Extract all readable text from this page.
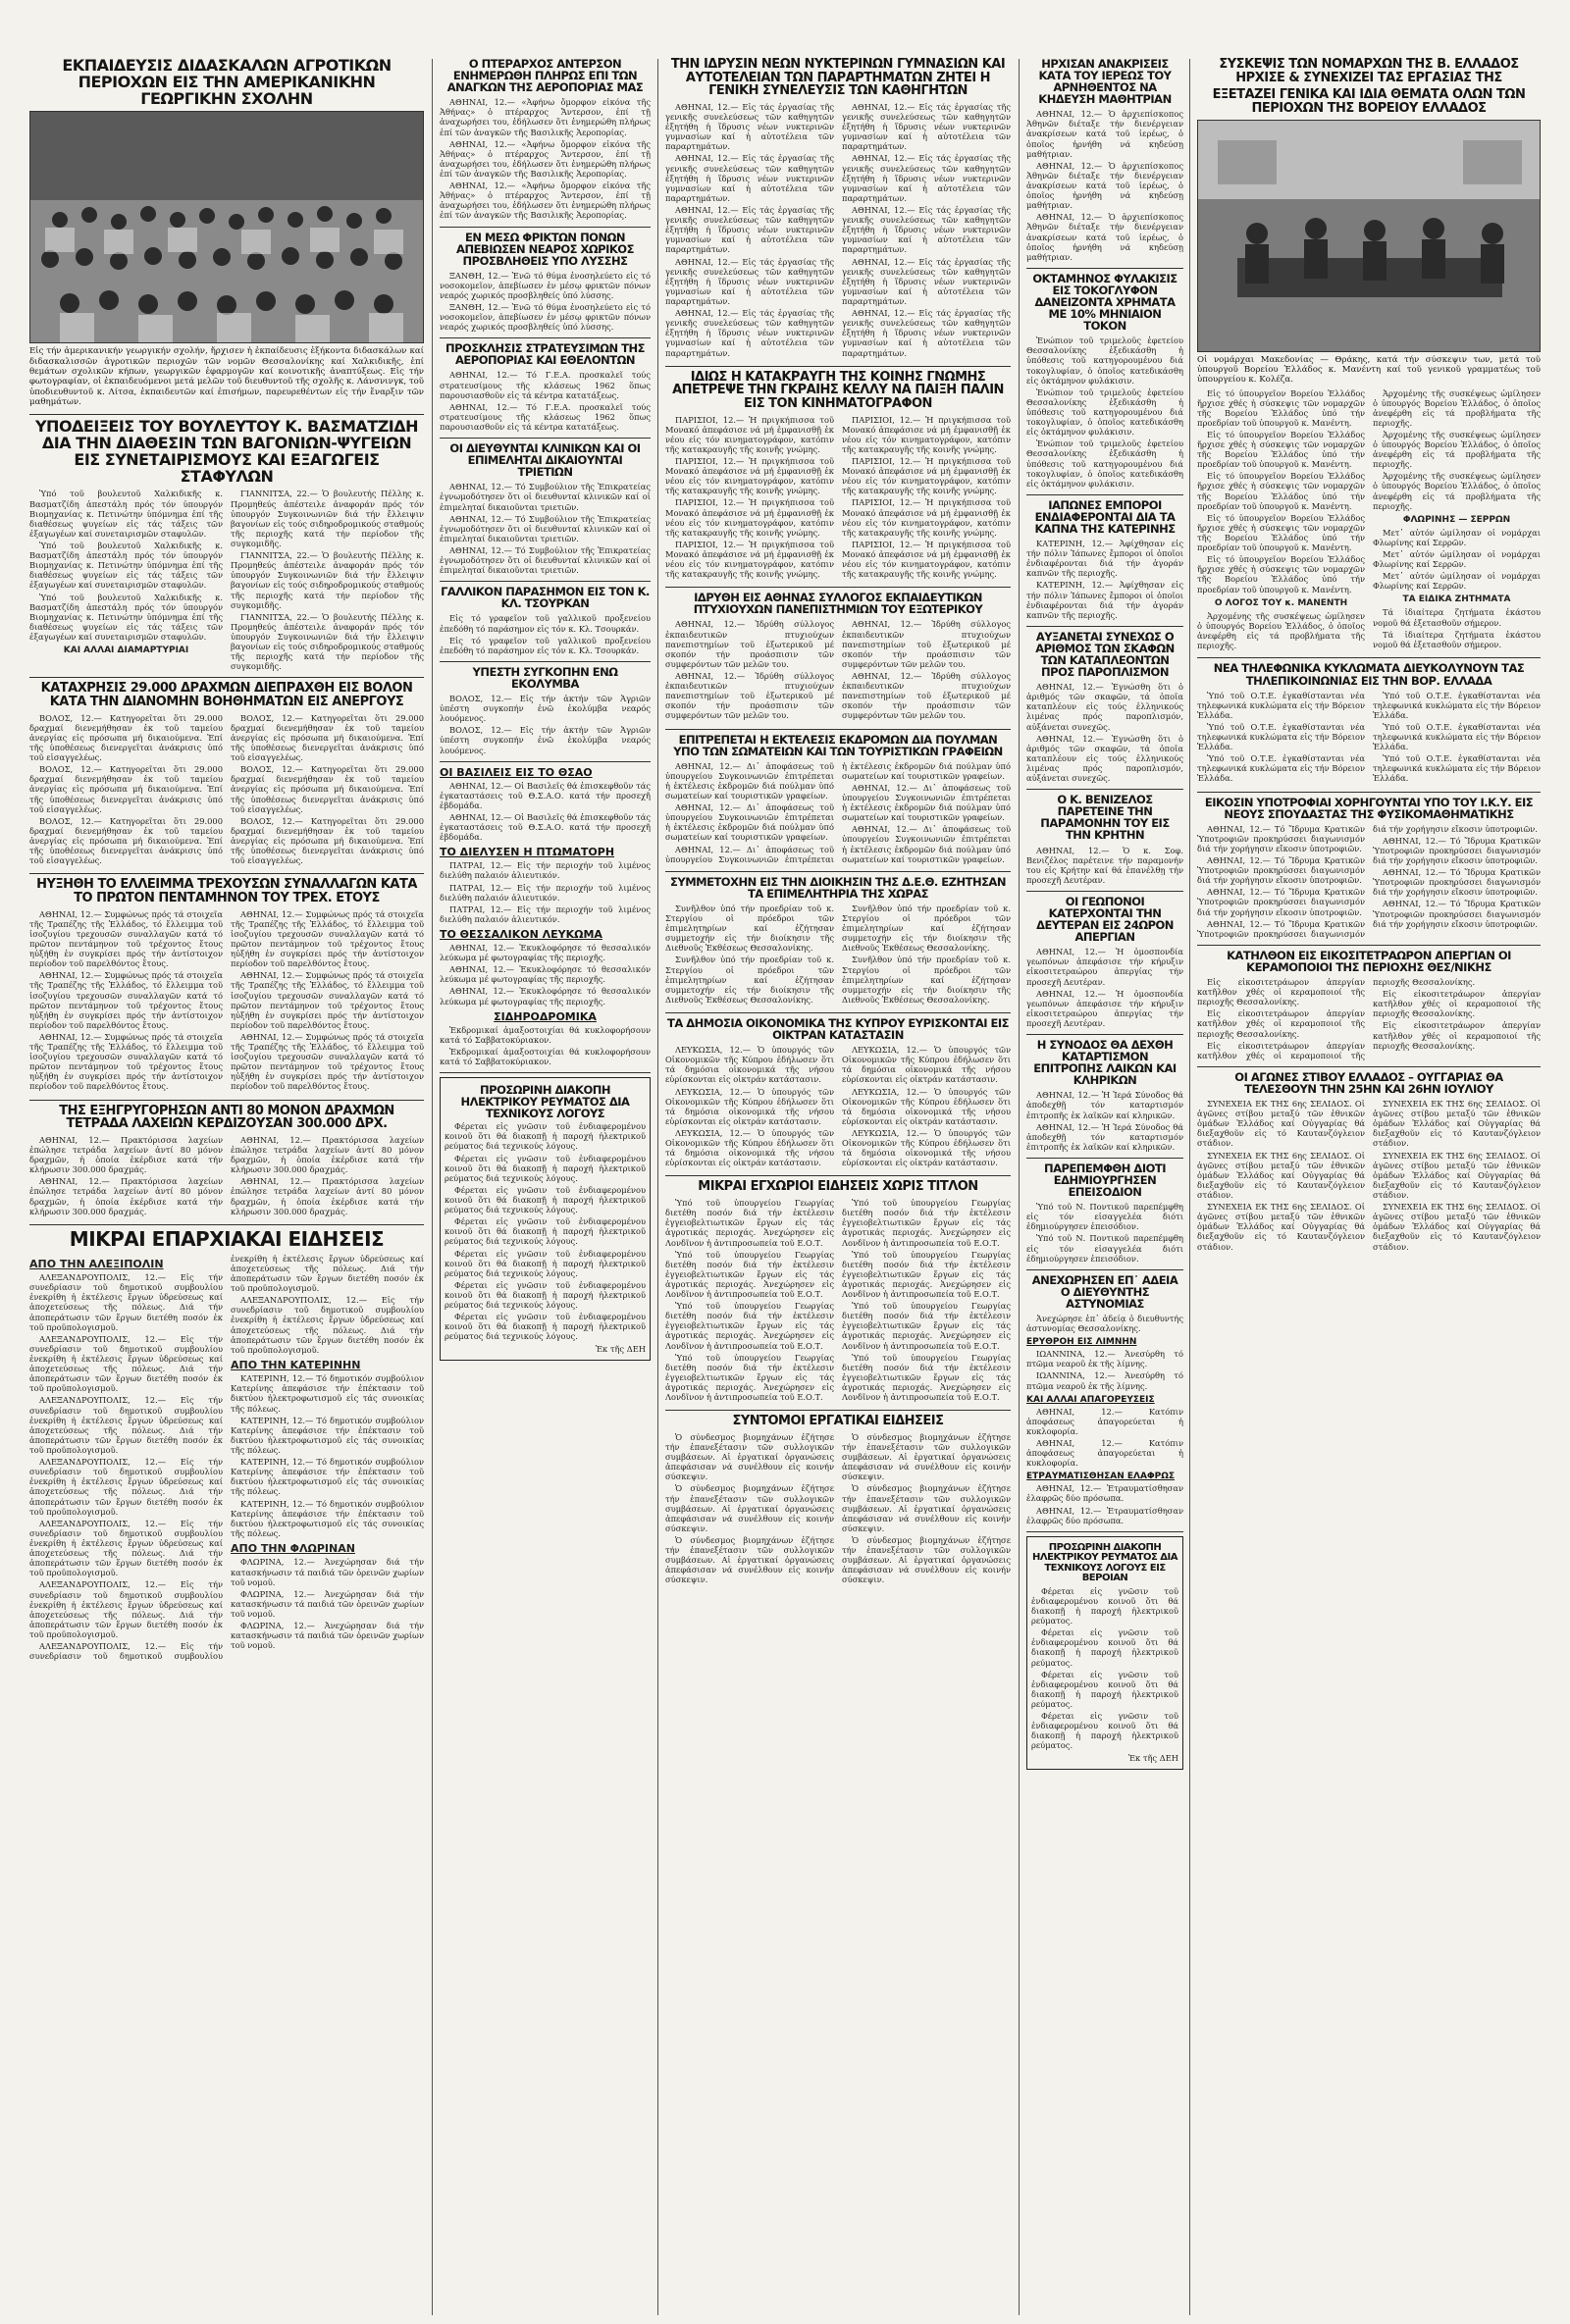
ΕΚΠΑΙΔΕΥΣΙΣ ΔΙΔΑΣΚΑΛΩΝ ΑΓΡΟΤΙΚΩΝ ΠΕΡΙΟΧΩΝ ΕΙΣ ΤΗΝ ΑΜΕΡΙΚΑΝΙΚΗΝ ΓΕΩΡΓΙΚΗΝ ΣΧΟΛΗΝ
Εἰς τήν ἀμερικανικήν γεωργικήν σχολήν, ἤρχισεν ἡ ἐκπαίδευσις ἑξήκοντα διδασκάλων καί διδασκαλισσῶν ἀγροτικῶν περιοχῶν τῶν νομῶν Θεσσαλονίκης καί Χαλκιδικῆς, ἐπί θεμάτων σχολικῶν κήπων, γεωργικῶν ἐφαρμογῶν καί κοινοτικῆς ἀναπτύξεως. Εἰς τήν φωτογραφίαν, οἱ ἐκπαιδευόμενοι μετά μελῶν τοῦ διευθυντοῦ τῆς σχολῆς κ. Λάνσνινγκ, τοῦ ὑποδιευθυντοῦ κ. Λίτσα, ἐκπαιδευτῶν καί ἐπισήμων, παρευρεθέντων εἰς τήν ἔναρξιν τῶν μαθημάτων.
ΥΠΟΔΕΙΞΕΙΣ ΤΟΥ ΒΟΥΛΕΥΤΟΥ Κ. ΒΑΣΜΑΤΖΙΔΗ ΔΙΑ ΤΗΝ ΔΙΑΘΕΣΙΝ ΤΩΝ ΒΑΓΟΝΙΩΝ-ΨΥΓΕΙΩΝ ΕΙΣ ΣΥΝΕΤΑΙΡΙΣΜΟΥΣ ΚΑΙ ΕΞΑΓΩΓΕΙΣ ΣΤΑΦΥΛΩΝ

Ὑπό τοῦ βουλευτοῦ Χαλκιδικῆς κ. Βασματζίδη ἀπεστάλη πρός τόν ὑπουργόν Βιομηχανίας κ. Πετινώτην ὑπόμνημα ἐπί τῆς διαθέσεως ψυγείων εἰς τάς τάξεις τῶν ἐξαγωγέων καί συνεταιρισμῶν σταφυλῶν.

Ὑπό τοῦ βουλευτοῦ Χαλκιδικῆς κ. Βασματζίδη ἀπεστάλη πρός τόν ὑπουργόν Βιομηχανίας κ. Πετινώτην ὑπόμνημα ἐπί τῆς διαθέσεως ψυγείων εἰς τάς τάξεις τῶν ἐξαγωγέων καί συνεταιρισμῶν σταφυλῶν.

Ὑπό τοῦ βουλευτοῦ Χαλκιδικῆς κ. Βασματζίδη ἀπεστάλη πρός τόν ὑπουργόν Βιομηχανίας κ. Πετινώτην ὑπόμνημα ἐπί τῆς διαθέσεως ψυγείων εἰς τάς τάξεις τῶν ἐξαγωγέων καί συνεταιρισμῶν σταφυλῶν.

ΚΑΙ ΑΛΛΑΙ ΔΙΑΜΑΡΤΥΡΙΑΙ

ΓΙΑΝΝΙΤΣΑ, 22.— Ὁ βουλευτής Πέλλης κ. Προμηθεύς ἀπέστειλε ἀναφοράν πρός τόν ὑπουργόν Συγκοινωνιῶν διά τήν ἔλλειψιν βαγονίων εἰς τούς σιδηροδρομικούς σταθμούς τῆς περιοχῆς κατά τήν περίοδον τῆς συγκομιδῆς.

ΓΙΑΝΝΙΤΣΑ, 22.— Ὁ βουλευτής Πέλλης κ. Προμηθεύς ἀπέστειλε ἀναφοράν πρός τόν ὑπουργόν Συγκοινωνιῶν διά τήν ἔλλειψιν βαγονίων εἰς τούς σιδηροδρομικούς σταθμούς τῆς περιοχῆς κατά τήν περίοδον τῆς συγκομιδῆς.

ΓΙΑΝΝΙΤΣΑ, 22.— Ὁ βουλευτής Πέλλης κ. Προμηθεύς ἀπέστειλε ἀναφοράν πρός τόν ὑπουργόν Συγκοινωνιῶν διά τήν ἔλλειψιν βαγονίων εἰς τούς σιδηροδρομικούς σταθμούς τῆς περιοχῆς κατά τήν περίοδον τῆς συγκομιδῆς.

ΚΑΤΑΧΡΗΣΙΣ 29.000 ΔΡΑΧΜΩΝ ΔΙΕΠΡΑΧΘΗ ΕΙΣ ΒΟΛΟΝ ΚΑΤΑ ΤΗΝ ΔΙΑΝΟΜΗΝ ΒΟΗΘΗΜΑΤΩΝ ΕΙΣ ΑΝΕΡΓΟΥΣ

ΒΟΛΟΣ, 12.— Κατηγορεῖται ὅτι 29.000 δραχμαί διενεμήθησαν ἐκ τοῦ ταμείου ἀνεργίας εἰς πρόσωπα μή δικαιούμενα. Ἐπί τῆς ὑποθέσεως διενεργεῖται ἀνάκρισις ὑπό τοῦ εἰσαγγελέως.

ΒΟΛΟΣ, 12.— Κατηγορεῖται ὅτι 29.000 δραχμαί διενεμήθησαν ἐκ τοῦ ταμείου ἀνεργίας εἰς πρόσωπα μή δικαιούμενα. Ἐπί τῆς ὑποθέσεως διενεργεῖται ἀνάκρισις ὑπό τοῦ εἰσαγγελέως.

ΒΟΛΟΣ, 12.— Κατηγορεῖται ὅτι 29.000 δραχμαί διενεμήθησαν ἐκ τοῦ ταμείου ἀνεργίας εἰς πρόσωπα μή δικαιούμενα. Ἐπί τῆς ὑποθέσεως διενεργεῖται ἀνάκρισις ὑπό τοῦ εἰσαγγελέως.

ΒΟΛΟΣ, 12.— Κατηγορεῖται ὅτι 29.000 δραχμαί διενεμήθησαν ἐκ τοῦ ταμείου ἀνεργίας εἰς πρόσωπα μή δικαιούμενα. Ἐπί τῆς ὑποθέσεως διενεργεῖται ἀνάκρισις ὑπό τοῦ εἰσαγγελέως.

ΒΟΛΟΣ, 12.— Κατηγορεῖται ὅτι 29.000 δραχμαί διενεμήθησαν ἐκ τοῦ ταμείου ἀνεργίας εἰς πρόσωπα μή δικαιούμενα. Ἐπί τῆς ὑποθέσεως διενεργεῖται ἀνάκρισις ὑπό τοῦ εἰσαγγελέως.

ΒΟΛΟΣ, 12.— Κατηγορεῖται ὅτι 29.000 δραχμαί διενεμήθησαν ἐκ τοῦ ταμείου ἀνεργίας εἰς πρόσωπα μή δικαιούμενα. Ἐπί τῆς ὑποθέσεως διενεργεῖται ἀνάκρισις ὑπό τοῦ εἰσαγγελέως.

ΗΥΞΗΘΗ ΤΟ ΕΛΛΕΙΜΜΑ ΤΡΕΧΟΥΣΩΝ ΣΥΝΑΛΛΑΓΩΝ ΚΑΤΑ ΤΟ ΠΡΩΤΟΝ ΠΕΝΤΑΜΗΝΟΝ ΤΟΥ ΤΡΕΧ. ΕΤΟΥΣ

ΑΘΗΝΑΙ, 12.— Συμφώνως πρός τά στοιχεῖα τῆς Τραπέζης τῆς Ἑλλάδος, τό ἔλλειμμα τοῦ ἰσοζυγίου τρεχουσῶν συναλλαγῶν κατά τό πρῶτον πεντάμηνον τοῦ τρέχοντος ἔτους ηὐξήθη ἐν συγκρίσει πρός τήν ἀντίστοιχον περίοδον τοῦ παρελθόντος ἔτους.

ΑΘΗΝΑΙ, 12.— Συμφώνως πρός τά στοιχεῖα τῆς Τραπέζης τῆς Ἑλλάδος, τό ἔλλειμμα τοῦ ἰσοζυγίου τρεχουσῶν συναλλαγῶν κατά τό πρῶτον πεντάμηνον τοῦ τρέχοντος ἔτους ηὐξήθη ἐν συγκρίσει πρός τήν ἀντίστοιχον περίοδον τοῦ παρελθόντος ἔτους.

ΑΘΗΝΑΙ, 12.— Συμφώνως πρός τά στοιχεῖα τῆς Τραπέζης τῆς Ἑλλάδος, τό ἔλλειμμα τοῦ ἰσοζυγίου τρεχουσῶν συναλλαγῶν κατά τό πρῶτον πεντάμηνον τοῦ τρέχοντος ἔτους ηὐξήθη ἐν συγκρίσει πρός τήν ἀντίστοιχον περίοδον τοῦ παρελθόντος ἔτους.

ΑΘΗΝΑΙ, 12.— Συμφώνως πρός τά στοιχεῖα τῆς Τραπέζης τῆς Ἑλλάδος, τό ἔλλειμμα τοῦ ἰσοζυγίου τρεχουσῶν συναλλαγῶν κατά τό πρῶτον πεντάμηνον τοῦ τρέχοντος ἔτους ηὐξήθη ἐν συγκρίσει πρός τήν ἀντίστοιχον περίοδον τοῦ παρελθόντος ἔτους.

ΑΘΗΝΑΙ, 12.— Συμφώνως πρός τά στοιχεῖα τῆς Τραπέζης τῆς Ἑλλάδος, τό ἔλλειμμα τοῦ ἰσοζυγίου τρεχουσῶν συναλλαγῶν κατά τό πρῶτον πεντάμηνον τοῦ τρέχοντος ἔτους ηὐξήθη ἐν συγκρίσει πρός τήν ἀντίστοιχον περίοδον τοῦ παρελθόντος ἔτους.

ΑΘΗΝΑΙ, 12.— Συμφώνως πρός τά στοιχεῖα τῆς Τραπέζης τῆς Ἑλλάδος, τό ἔλλειμμα τοῦ ἰσοζυγίου τρεχουσῶν συναλλαγῶν κατά τό πρῶτον πεντάμηνον τοῦ τρέχοντος ἔτους ηὐξήθη ἐν συγκρίσει πρός τήν ἀντίστοιχον περίοδον τοῦ παρελθόντος ἔτους.

ΤΗΣ ΕΞΗΓΡΥΓΟΡΗΣΩΝ ΑΝΤΙ 80 ΜΟΝΟΝ ΔΡΑΧΜΩΝ ΤΕΤΡΑΔΑ ΛΑΧΕΙΩΝ ΚΕΡΔΙΖΟΥΣΑΝ 300.000 ΔΡΧ.

ΑΘΗΝΑΙ, 12.— Πρακτόρισσα λαχείων ἐπώλησε τετράδα λαχείων ἀντί 80 μόνον δραχμῶν, ἡ ὁποία ἐκέρδισε κατά τήν κλήρωσιν 300.000 δραχμάς.

ΑΘΗΝΑΙ, 12.— Πρακτόρισσα λαχείων ἐπώλησε τετράδα λαχείων ἀντί 80 μόνον δραχμῶν, ἡ ὁποία ἐκέρδισε κατά τήν κλήρωσιν 300.000 δραχμάς.

ΑΘΗΝΑΙ, 12.— Πρακτόρισσα λαχείων ἐπώλησε τετράδα λαχείων ἀντί 80 μόνον δραχμῶν, ἡ ὁποία ἐκέρδισε κατά τήν κλήρωσιν 300.000 δραχμάς.

ΑΘΗΝΑΙ, 12.— Πρακτόρισσα λαχείων ἐπώλησε τετράδα λαχείων ἀντί 80 μόνον δραχμῶν, ἡ ὁποία ἐκέρδισε κατά τήν κλήρωσιν 300.000 δραχμάς.

ΜΙΚΡΑΙ ΕΠΑΡΧΙΑΚΑΙ ΕΙΔΗΣΕΙΣ
ΑΠΟ ΤΗΝ ΑΛΕΞΙΠΟΛΙΝ

ΑΛΕΞΑΝΔΡΟΥΠΟΛΙΣ, 12.— Εἰς τήν συνεδρίασιν τοῦ δημοτικοῦ συμβουλίου ἐνεκρίθη ἡ ἐκτέλεσις ἔργων ὑδρεύσεως καί ἀποχετεύσεως τῆς πόλεως. Διά τήν ἀποπεράτωσιν τῶν ἔργων διετέθη ποσόν ἐκ τοῦ προϋπολογισμοῦ.

ΑΛΕΞΑΝΔΡΟΥΠΟΛΙΣ, 12.— Εἰς τήν συνεδρίασιν τοῦ δημοτικοῦ συμβουλίου ἐνεκρίθη ἡ ἐκτέλεσις ἔργων ὑδρεύσεως καί ἀποχετεύσεως τῆς πόλεως. Διά τήν ἀποπεράτωσιν τῶν ἔργων διετέθη ποσόν ἐκ τοῦ προϋπολογισμοῦ.

ΑΛΕΞΑΝΔΡΟΥΠΟΛΙΣ, 12.— Εἰς τήν συνεδρίασιν τοῦ δημοτικοῦ συμβουλίου ἐνεκρίθη ἡ ἐκτέλεσις ἔργων ὑδρεύσεως καί ἀποχετεύσεως τῆς πόλεως. Διά τήν ἀποπεράτωσιν τῶν ἔργων διετέθη ποσόν ἐκ τοῦ προϋπολογισμοῦ.

ΑΛΕΞΑΝΔΡΟΥΠΟΛΙΣ, 12.— Εἰς τήν συνεδρίασιν τοῦ δημοτικοῦ συμβουλίου ἐνεκρίθη ἡ ἐκτέλεσις ἔργων ὑδρεύσεως καί ἀποχετεύσεως τῆς πόλεως. Διά τήν ἀποπεράτωσιν τῶν ἔργων διετέθη ποσόν ἐκ τοῦ προϋπολογισμοῦ.

ΑΛΕΞΑΝΔΡΟΥΠΟΛΙΣ, 12.— Εἰς τήν συνεδρίασιν τοῦ δημοτικοῦ συμβουλίου ἐνεκρίθη ἡ ἐκτέλεσις ἔργων ὑδρεύσεως καί ἀποχετεύσεως τῆς πόλεως. Διά τήν ἀποπεράτωσιν τῶν ἔργων διετέθη ποσόν ἐκ τοῦ προϋπολογισμοῦ.

ΑΛΕΞΑΝΔΡΟΥΠΟΛΙΣ, 12.— Εἰς τήν συνεδρίασιν τοῦ δημοτικοῦ συμβουλίου ἐνεκρίθη ἡ ἐκτέλεσις ἔργων ὑδρεύσεως καί ἀποχετεύσεως τῆς πόλεως. Διά τήν ἀποπεράτωσιν τῶν ἔργων διετέθη ποσόν ἐκ τοῦ προϋπολογισμοῦ.

ΑΛΕΞΑΝΔΡΟΥΠΟΛΙΣ, 12.— Εἰς τήν συνεδρίασιν τοῦ δημοτικοῦ συμβουλίου ἐνεκρίθη ἡ ἐκτέλεσις ἔργων ὑδρεύσεως καί ἀποχετεύσεως τῆς πόλεως. Διά τήν ἀποπεράτωσιν τῶν ἔργων διετέθη ποσόν ἐκ τοῦ προϋπολογισμοῦ.

ΑΛΕΞΑΝΔΡΟΥΠΟΛΙΣ, 12.— Εἰς τήν συνεδρίασιν τοῦ δημοτικοῦ συμβουλίου ἐνεκρίθη ἡ ἐκτέλεσις ἔργων ὑδρεύσεως καί ἀποχετεύσεως τῆς πόλεως. Διά τήν ἀποπεράτωσιν τῶν ἔργων διετέθη ποσόν ἐκ τοῦ προϋπολογισμοῦ.

ΑΠΟ ΤΗΝ ΚΑΤΕΡΙΝΗΝ

ΚΑΤΕΡΙΝΗ, 12.— Τό δημοτικόν συμβούλιον Κατερίνης ἀπεφάσισε τήν ἐπέκτασιν τοῦ δικτύου ἠλεκτροφωτισμοῦ εἰς τάς συνοικίας τῆς πόλεως.

ΚΑΤΕΡΙΝΗ, 12.— Τό δημοτικόν συμβούλιον Κατερίνης ἀπεφάσισε τήν ἐπέκτασιν τοῦ δικτύου ἠλεκτροφωτισμοῦ εἰς τάς συνοικίας τῆς πόλεως.

ΚΑΤΕΡΙΝΗ, 12.— Τό δημοτικόν συμβούλιον Κατερίνης ἀπεφάσισε τήν ἐπέκτασιν τοῦ δικτύου ἠλεκτροφωτισμοῦ εἰς τάς συνοικίας τῆς πόλεως.

ΚΑΤΕΡΙΝΗ, 12.— Τό δημοτικόν συμβούλιον Κατερίνης ἀπεφάσισε τήν ἐπέκτασιν τοῦ δικτύου ἠλεκτροφωτισμοῦ εἰς τάς συνοικίας τῆς πόλεως.

ΑΠΟ ΤΗΝ ΦΛΩΡΙΝΑΝ

ΦΛΩΡΙΝΑ, 12.— Ἀνεχώρησαν διά τήν κατασκήνωσιν τά παιδιά τῶν ὀρεινῶν χωρίων τοῦ νομοῦ.

ΦΛΩΡΙΝΑ, 12.— Ἀνεχώρησαν διά τήν κατασκήνωσιν τά παιδιά τῶν ὀρεινῶν χωρίων τοῦ νομοῦ.

ΦΛΩΡΙΝΑ, 12.— Ἀνεχώρησαν διά τήν κατασκήνωσιν τά παιδιά τῶν ὀρεινῶν χωρίων τοῦ νομοῦ.

Ο ΠΤΕΡΑΡΧΟΣ ΑΝΤΕΡΣΟΝ ΕΝΗΜΕΡΩΘΗ ΠΛΗΡΩΣ ΕΠΙ ΤΩΝ ΑΝΑΓΚΩΝ ΤΗΣ ΑΕΡΟΠΟΡΙΑΣ ΜΑΣ

ΑΘΗΝΑΙ, 12.— «Ἀφήνω ὄμορφον εἰκόνα τῆς Ἀθήνας» ὁ πτέραρχος Ἄντερσον, ἐπί τῇ ἀναχωρήσει του, ἐδήλωσεν ὅτι ἐνημερώθη πλήρως ἐπί τῶν ἀναγκῶν τῆς Βασιλικῆς Ἀεροπορίας.

ΑΘΗΝΑΙ, 12.— «Ἀφήνω ὄμορφον εἰκόνα τῆς Ἀθήνας» ὁ πτέραρχος Ἄντερσον, ἐπί τῇ ἀναχωρήσει του, ἐδήλωσεν ὅτι ἐνημερώθη πλήρως ἐπί τῶν ἀναγκῶν τῆς Βασιλικῆς Ἀεροπορίας.

ΑΘΗΝΑΙ, 12.— «Ἀφήνω ὄμορφον εἰκόνα τῆς Ἀθήνας» ὁ πτέραρχος Ἄντερσον, ἐπί τῇ ἀναχωρήσει του, ἐδήλωσεν ὅτι ἐνημερώθη πλήρως ἐπί τῶν ἀναγκῶν τῆς Βασιλικῆς Ἀεροπορίας.

ΕΝ ΜΕΣΩ ΦΡΙΚΤΩΝ ΠΟΝΩΝ ΑΠΕΒΙΩΣΕΝ ΝΕΑΡΟΣ ΧΩΡΙΚΟΣ ΠΡΟΣΒΛΗΘΕΙΣ ΥΠΟ ΛΥΣΣΗΣ

ΞΑΝΘΗ, 12.— Ἐνῶ τό θύμα ἐνοσηλεύετο εἰς τό νοσοκομεῖον, ἀπεβίωσεν ἐν μέσῳ φρικτῶν πόνων νεαρός χωρικός προσβληθείς ὑπό λύσσης.

ΞΑΝΘΗ, 12.— Ἐνῶ τό θύμα ἐνοσηλεύετο εἰς τό νοσοκομεῖον, ἀπεβίωσεν ἐν μέσῳ φρικτῶν πόνων νεαρός χωρικός προσβληθείς ὑπό λύσσης.

ΠΡΟΣΚΛΗΣΙΣ ΣΤΡΑΤΕΥΣΙΜΩΝ ΤΗΣ ΑΕΡΟΠΟΡΙΑΣ ΚΑΙ ΕΘΕΛΟΝΤΩΝ

ΑΘΗΝΑΙ, 12.— Τό Γ.Ε.Α. προσκαλεῖ τούς στρατευσίμους τῆς κλάσεως 1962 ὅπως παρουσιασθοῦν εἰς τά κέντρα κατατάξεως.

ΑΘΗΝΑΙ, 12.— Τό Γ.Ε.Α. προσκαλεῖ τούς στρατευσίμους τῆς κλάσεως 1962 ὅπως παρουσιασθοῦν εἰς τά κέντρα κατατάξεως.

ΟΙ ΔΙΕΥΘΥΝΤΑΙ ΚΛΙΝΙΚΩΝ ΚΑΙ ΟΙ ΕΠΙΜΕΛΗΤΑΙ ΔΙΚΑΙΟΥΝΤΑΙ ΤΡΙΕΤΙΩΝ

ΑΘΗΝΑΙ, 12.— Τό Συμβούλιον τῆς Ἐπικρατείας ἐγνωμοδότησεν ὅτι οἱ διευθυνταί κλινικῶν καί οἱ ἐπιμεληταί δικαιοῦνται τριετιῶν.

ΑΘΗΝΑΙ, 12.— Τό Συμβούλιον τῆς Ἐπικρατείας ἐγνωμοδότησεν ὅτι οἱ διευθυνταί κλινικῶν καί οἱ ἐπιμεληταί δικαιοῦνται τριετιῶν.

ΑΘΗΝΑΙ, 12.— Τό Συμβούλιον τῆς Ἐπικρατείας ἐγνωμοδότησεν ὅτι οἱ διευθυνταί κλινικῶν καί οἱ ἐπιμεληταί δικαιοῦνται τριετιῶν.

ΓΑΛΛΙΚΟΝ ΠΑΡΑΣΗΜΟΝ ΕΙΣ ΤΟΝ Κ. ΚΛ. ΤΣΟΥΡΚΑΝ

Εἰς τό γραφεῖον τοῦ γαλλικοῦ προξενείου ἐπεδόθη τό παράσημον εἰς τόν κ. Κλ. Τσουρκάν.

Εἰς τό γραφεῖον τοῦ γαλλικοῦ προξενείου ἐπεδόθη τό παράσημον εἰς τόν κ. Κλ. Τσουρκάν.

ΥΠΕΣΤΗ ΣΥΓΚΟΠΗΝ ΕΝΩ ΕΚΟΛΥΜΒΑ

ΒΟΛΟΣ, 12.— Εἰς τήν ἀκτήν τῶν Ἀγριῶν ὑπέστη συγκοπήν ἐνῶ ἐκολύμβα νεαρός λουόμενος.

ΒΟΛΟΣ, 12.— Εἰς τήν ἀκτήν τῶν Ἀγριῶν ὑπέστη συγκοπήν ἐνῶ ἐκολύμβα νεαρός λουόμενος.

ΟΙ ΒΑΣΙΛΕΙΣ ΕΙΣ ΤΟ ΘΣΑΟ

ΑΘΗΝΑΙ, 12.— Οἱ Βασιλεῖς θά ἐπισκεφθοῦν τάς ἐγκαταστάσεις τοῦ Θ.Σ.Α.Ο. κατά τήν προσεχῆ ἑβδομάδα.

ΑΘΗΝΑΙ, 12.— Οἱ Βασιλεῖς θά ἐπισκεφθοῦν τάς ἐγκαταστάσεις τοῦ Θ.Σ.Α.Ο. κατά τήν προσεχῆ ἑβδομάδα.

ΤΟ ΔΙΕΛΥΣΕΝ Η ΠΤΩΜΑΤΟΡΗ

ΠΑΤΡΑΙ, 12.— Εἰς τήν περιοχήν τοῦ λιμένος διελύθη παλαιόν ἀλιευτικόν.

ΠΑΤΡΑΙ, 12.— Εἰς τήν περιοχήν τοῦ λιμένος διελύθη παλαιόν ἀλιευτικόν.

ΠΑΤΡΑΙ, 12.— Εἰς τήν περιοχήν τοῦ λιμένος διελύθη παλαιόν ἀλιευτικόν.

ΤΟ ΘΕΣΣΑΛΙΚΟΝ ΛΕΥΚΩΜΑ

ΑΘΗΝΑΙ, 12.— Ἐκυκλοφόρησε τό θεσσαλικόν λεύκωμα μέ φωτογραφίας τῆς περιοχῆς.

ΑΘΗΝΑΙ, 12.— Ἐκυκλοφόρησε τό θεσσαλικόν λεύκωμα μέ φωτογραφίας τῆς περιοχῆς.

ΑΘΗΝΑΙ, 12.— Ἐκυκλοφόρησε τό θεσσαλικόν λεύκωμα μέ φωτογραφίας τῆς περιοχῆς.

ΣΙΔΗΡΟΔΡΟΜΙΚΑ

Ἐκδρομικαί ἀμαξοστοιχίαι θά κυκλοφορήσουν κατά τό Σαββατοκύριακον.

Ἐκδρομικαί ἀμαξοστοιχίαι θά κυκλοφορήσουν κατά τό Σαββατοκύριακον.

ΠΡΟΣΩΡΙΝΗ ΔΙΑΚΟΠΗ ΗΛΕΚΤΡΙΚΟΥ ΡΕΥΜΑΤΟΣ ΔΙΑ ΤΕΧΝΙΚΟΥΣ ΛΟΓΟΥΣ

Φέρεται εἰς γνῶσιν τοῦ ἐνδιαφερομένου κοινοῦ ὅτι θά διακοπῇ ἡ παροχή ἠλεκτρικοῦ ρεύματος διά τεχνικούς λόγους.

Φέρεται εἰς γνῶσιν τοῦ ἐνδιαφερομένου κοινοῦ ὅτι θά διακοπῇ ἡ παροχή ἠλεκτρικοῦ ρεύματος διά τεχνικούς λόγους.

Φέρεται εἰς γνῶσιν τοῦ ἐνδιαφερομένου κοινοῦ ὅτι θά διακοπῇ ἡ παροχή ἠλεκτρικοῦ ρεύματος διά τεχνικούς λόγους.

Φέρεται εἰς γνῶσιν τοῦ ἐνδιαφερομένου κοινοῦ ὅτι θά διακοπῇ ἡ παροχή ἠλεκτρικοῦ ρεύματος διά τεχνικούς λόγους.

Φέρεται εἰς γνῶσιν τοῦ ἐνδιαφερομένου κοινοῦ ὅτι θά διακοπῇ ἡ παροχή ἠλεκτρικοῦ ρεύματος διά τεχνικούς λόγους.

Φέρεται εἰς γνῶσιν τοῦ ἐνδιαφερομένου κοινοῦ ὅτι θά διακοπῇ ἡ παροχή ἠλεκτρικοῦ ρεύματος διά τεχνικούς λόγους.

Φέρεται εἰς γνῶσιν τοῦ ἐνδιαφερομένου κοινοῦ ὅτι θά διακοπῇ ἡ παροχή ἠλεκτρικοῦ ρεύματος διά τεχνικούς λόγους.

Ἐκ τῆς ΔΕΗ
ΤΗΝ ΙΔΡΥΣΙΝ ΝΕΩΝ ΝΥΚΤΕΡΙΝΩΝ ΓΥΜΝΑΣΙΩΝ ΚΑΙ ΑΥΤΟΤΕΛΕΙΑΝ ΤΩΝ ΠΑΡΑΡΤΗΜΑΤΩΝ ΖΗΤΕΙ Η ΓΕΝΙΚΗ ΣΥΝΕΛΕΥΣΙΣ ΤΩΝ ΚΑΘΗΓΗΤΩΝ

ΑΘΗΝΑΙ, 12.— Εἰς τάς ἐργασίας τῆς γενικῆς συνελεύσεως τῶν καθηγητῶν ἐξητήθη ἡ ἵδρυσις νέων νυκτερινῶν γυμνασίων καί ἡ αὐτοτέλεια τῶν παραρτημάτων.

ΑΘΗΝΑΙ, 12.— Εἰς τάς ἐργασίας τῆς γενικῆς συνελεύσεως τῶν καθηγητῶν ἐξητήθη ἡ ἵδρυσις νέων νυκτερινῶν γυμνασίων καί ἡ αὐτοτέλεια τῶν παραρτημάτων.

ΑΘΗΝΑΙ, 12.— Εἰς τάς ἐργασίας τῆς γενικῆς συνελεύσεως τῶν καθηγητῶν ἐξητήθη ἡ ἵδρυσις νέων νυκτερινῶν γυμνασίων καί ἡ αὐτοτέλεια τῶν παραρτημάτων.

ΑΘΗΝΑΙ, 12.— Εἰς τάς ἐργασίας τῆς γενικῆς συνελεύσεως τῶν καθηγητῶν ἐξητήθη ἡ ἵδρυσις νέων νυκτερινῶν γυμνασίων καί ἡ αὐτοτέλεια τῶν παραρτημάτων.

ΑΘΗΝΑΙ, 12.— Εἰς τάς ἐργασίας τῆς γενικῆς συνελεύσεως τῶν καθηγητῶν ἐξητήθη ἡ ἵδρυσις νέων νυκτερινῶν γυμνασίων καί ἡ αὐτοτέλεια τῶν παραρτημάτων.

ΑΘΗΝΑΙ, 12.— Εἰς τάς ἐργασίας τῆς γενικῆς συνελεύσεως τῶν καθηγητῶν ἐξητήθη ἡ ἵδρυσις νέων νυκτερινῶν γυμνασίων καί ἡ αὐτοτέλεια τῶν παραρτημάτων.

ΑΘΗΝΑΙ, 12.— Εἰς τάς ἐργασίας τῆς γενικῆς συνελεύσεως τῶν καθηγητῶν ἐξητήθη ἡ ἵδρυσις νέων νυκτερινῶν γυμνασίων καί ἡ αὐτοτέλεια τῶν παραρτημάτων.

ΑΘΗΝΑΙ, 12.— Εἰς τάς ἐργασίας τῆς γενικῆς συνελεύσεως τῶν καθηγητῶν ἐξητήθη ἡ ἵδρυσις νέων νυκτερινῶν γυμνασίων καί ἡ αὐτοτέλεια τῶν παραρτημάτων.

ΑΘΗΝΑΙ, 12.— Εἰς τάς ἐργασίας τῆς γενικῆς συνελεύσεως τῶν καθηγητῶν ἐξητήθη ἡ ἵδρυσις νέων νυκτερινῶν γυμνασίων καί ἡ αὐτοτέλεια τῶν παραρτημάτων.

ΑΘΗΝΑΙ, 12.— Εἰς τάς ἐργασίας τῆς γενικῆς συνελεύσεως τῶν καθηγητῶν ἐξητήθη ἡ ἵδρυσις νέων νυκτερινῶν γυμνασίων καί ἡ αὐτοτέλεια τῶν παραρτημάτων.

ΙΔΙΩΣ Η ΚΑΤΑΚΡΑΥΓΗ ΤΗΣ ΚΟΙΝΗΣ ΓΝΩΜΗΣ ΑΠΕΤΡΕΨΕ ΤΗΝ ΓΚΡΑΙΗΣ ΚΕΛΛΥ ΝΑ ΠΑΙΞΗ ΠΑΛΙΝ ΕΙΣ ΤΟΝ ΚΙΝΗΜΑΤΟΓΡΑΦΟΝ

ΠΑΡΙΣΙΟΙ, 12.— Ἡ πριγκήπισσα τοῦ Μονακό ἀπεφάσισε νά μή ἐμφανισθῇ ἐκ νέου εἰς τόν κινηματογράφον, κατόπιν τῆς κατακραυγῆς τῆς κοινῆς γνώμης.

ΠΑΡΙΣΙΟΙ, 12.— Ἡ πριγκήπισσα τοῦ Μονακό ἀπεφάσισε νά μή ἐμφανισθῇ ἐκ νέου εἰς τόν κινηματογράφον, κατόπιν τῆς κατακραυγῆς τῆς κοινῆς γνώμης.

ΠΑΡΙΣΙΟΙ, 12.— Ἡ πριγκήπισσα τοῦ Μονακό ἀπεφάσισε νά μή ἐμφανισθῇ ἐκ νέου εἰς τόν κινηματογράφον, κατόπιν τῆς κατακραυγῆς τῆς κοινῆς γνώμης.

ΠΑΡΙΣΙΟΙ, 12.— Ἡ πριγκήπισσα τοῦ Μονακό ἀπεφάσισε νά μή ἐμφανισθῇ ἐκ νέου εἰς τόν κινηματογράφον, κατόπιν τῆς κατακραυγῆς τῆς κοινῆς γνώμης.

ΠΑΡΙΣΙΟΙ, 12.— Ἡ πριγκήπισσα τοῦ Μονακό ἀπεφάσισε νά μή ἐμφανισθῇ ἐκ νέου εἰς τόν κινηματογράφον, κατόπιν τῆς κατακραυγῆς τῆς κοινῆς γνώμης.

ΠΑΡΙΣΙΟΙ, 12.— Ἡ πριγκήπισσα τοῦ Μονακό ἀπεφάσισε νά μή ἐμφανισθῇ ἐκ νέου εἰς τόν κινηματογράφον, κατόπιν τῆς κατακραυγῆς τῆς κοινῆς γνώμης.

ΠΑΡΙΣΙΟΙ, 12.— Ἡ πριγκήπισσα τοῦ Μονακό ἀπεφάσισε νά μή ἐμφανισθῇ ἐκ νέου εἰς τόν κινηματογράφον, κατόπιν τῆς κατακραυγῆς τῆς κοινῆς γνώμης.

ΠΑΡΙΣΙΟΙ, 12.— Ἡ πριγκήπισσα τοῦ Μονακό ἀπεφάσισε νά μή ἐμφανισθῇ ἐκ νέου εἰς τόν κινηματογράφον, κατόπιν τῆς κατακραυγῆς τῆς κοινῆς γνώμης.

ΙΔΡΥΘΗ ΕΙΣ ΑΘΗΝΑΣ ΣΥΛΛΟΓΟΣ ΕΚΠΑΙΔΕΥΤΙΚΩΝ ΠΤΥΧΙΟΥΧΩΝ ΠΑΝΕΠΙΣΤΗΜΙΩΝ ΤΟΥ ΕΞΩΤΕΡΙΚΟΥ

ΑΘΗΝΑΙ, 12.— Ἰδρύθη σύλλογος ἐκπαιδευτικῶν πτυχιούχων πανεπιστημίων τοῦ ἐξωτερικοῦ μέ σκοπόν τήν προάσπισιν τῶν συμφερόντων τῶν μελῶν του.

ΑΘΗΝΑΙ, 12.— Ἰδρύθη σύλλογος ἐκπαιδευτικῶν πτυχιούχων πανεπιστημίων τοῦ ἐξωτερικοῦ μέ σκοπόν τήν προάσπισιν τῶν συμφερόντων τῶν μελῶν του.

ΑΘΗΝΑΙ, 12.— Ἰδρύθη σύλλογος ἐκπαιδευτικῶν πτυχιούχων πανεπιστημίων τοῦ ἐξωτερικοῦ μέ σκοπόν τήν προάσπισιν τῶν συμφερόντων τῶν μελῶν του.

ΑΘΗΝΑΙ, 12.— Ἰδρύθη σύλλογος ἐκπαιδευτικῶν πτυχιούχων πανεπιστημίων τοῦ ἐξωτερικοῦ μέ σκοπόν τήν προάσπισιν τῶν συμφερόντων τῶν μελῶν του.

ΕΠΙΤΡΕΠΕΤΑΙ Η ΕΚΤΕΛΕΣΙΣ ΕΚΔΡΟΜΩΝ ΔΙΑ ΠΟΥΛΜΑΝ ΥΠΟ ΤΩΝ ΣΩΜΑΤΕΙΩΝ ΚΑΙ ΤΩΝ ΤΟΥΡΙΣΤΙΚΩΝ ΓΡΑΦΕΙΩΝ

ΑΘΗΝΑΙ, 12.— Δι᾿ ἀποφάσεως τοῦ ὑπουργείου Συγκοινωνιῶν ἐπιτρέπεται ἡ ἐκτέλεσις ἐκδρομῶν διά πούλμαν ὑπό σωματείων καί τουριστικῶν γραφείων.

ΑΘΗΝΑΙ, 12.— Δι᾿ ἀποφάσεως τοῦ ὑπουργείου Συγκοινωνιῶν ἐπιτρέπεται ἡ ἐκτέλεσις ἐκδρομῶν διά πούλμαν ὑπό σωματείων καί τουριστικῶν γραφείων.

ΑΘΗΝΑΙ, 12.— Δι᾿ ἀποφάσεως τοῦ ὑπουργείου Συγκοινωνιῶν ἐπιτρέπεται ἡ ἐκτέλεσις ἐκδρομῶν διά πούλμαν ὑπό σωματείων καί τουριστικῶν γραφείων.

ΑΘΗΝΑΙ, 12.— Δι᾿ ἀποφάσεως τοῦ ὑπουργείου Συγκοινωνιῶν ἐπιτρέπεται ἡ ἐκτέλεσις ἐκδρομῶν διά πούλμαν ὑπό σωματείων καί τουριστικῶν γραφείων.

ΑΘΗΝΑΙ, 12.— Δι᾿ ἀποφάσεως τοῦ ὑπουργείου Συγκοινωνιῶν ἐπιτρέπεται ἡ ἐκτέλεσις ἐκδρομῶν διά πούλμαν ὑπό σωματείων καί τουριστικῶν γραφείων.

ΣΥΜΜΕΤΟΧΗΝ ΕΙΣ ΤΗΝ ΔΙΟΙΚΗΣΙΝ ΤΗΣ Δ.Ε.Θ. ΕΖΗΤΗΣΑΝ ΤΑ ΕΠΙΜΕΛΗΤΗΡΙΑ ΤΗΣ ΧΩΡΑΣ

Συνῆλθον ὑπό τήν προεδρίαν τοῦ κ. Στεργίου οἱ πρόεδροι τῶν ἐπιμελητηρίων καί ἐζήτησαν συμμετοχήν εἰς τήν διοίκησιν τῆς Διεθνοῦς Ἐκθέσεως Θεσσαλονίκης.

Συνῆλθον ὑπό τήν προεδρίαν τοῦ κ. Στεργίου οἱ πρόεδροι τῶν ἐπιμελητηρίων καί ἐζήτησαν συμμετοχήν εἰς τήν διοίκησιν τῆς Διεθνοῦς Ἐκθέσεως Θεσσαλονίκης.

Συνῆλθον ὑπό τήν προεδρίαν τοῦ κ. Στεργίου οἱ πρόεδροι τῶν ἐπιμελητηρίων καί ἐζήτησαν συμμετοχήν εἰς τήν διοίκησιν τῆς Διεθνοῦς Ἐκθέσεως Θεσσαλονίκης.

Συνῆλθον ὑπό τήν προεδρίαν τοῦ κ. Στεργίου οἱ πρόεδροι τῶν ἐπιμελητηρίων καί ἐζήτησαν συμμετοχήν εἰς τήν διοίκησιν τῆς Διεθνοῦς Ἐκθέσεως Θεσσαλονίκης.

ΤΑ ΔΗΜΟΣΙΑ ΟΙΚΟΝΟΜΙΚΑ ΤΗΣ ΚΥΠΡΟΥ ΕΥΡΙΣΚΟΝΤΑΙ ΕΙΣ ΟΙΚΤΡΑΝ ΚΑΤΑΣΤΑΣΙΝ

ΛΕΥΚΩΣΙΑ, 12.— Ὁ ὑπουργός τῶν Οἰκονομικῶν τῆς Κύπρου ἐδήλωσεν ὅτι τά δημόσια οἰκονομικά τῆς νήσου εὑρίσκονται εἰς οἰκτράν κατάστασιν.

ΛΕΥΚΩΣΙΑ, 12.— Ὁ ὑπουργός τῶν Οἰκονομικῶν τῆς Κύπρου ἐδήλωσεν ὅτι τά δημόσια οἰκονομικά τῆς νήσου εὑρίσκονται εἰς οἰκτράν κατάστασιν.

ΛΕΥΚΩΣΙΑ, 12.— Ὁ ὑπουργός τῶν Οἰκονομικῶν τῆς Κύπρου ἐδήλωσεν ὅτι τά δημόσια οἰκονομικά τῆς νήσου εὑρίσκονται εἰς οἰκτράν κατάστασιν.

ΛΕΥΚΩΣΙΑ, 12.— Ὁ ὑπουργός τῶν Οἰκονομικῶν τῆς Κύπρου ἐδήλωσεν ὅτι τά δημόσια οἰκονομικά τῆς νήσου εὑρίσκονται εἰς οἰκτράν κατάστασιν.

ΛΕΥΚΩΣΙΑ, 12.— Ὁ ὑπουργός τῶν Οἰκονομικῶν τῆς Κύπρου ἐδήλωσεν ὅτι τά δημόσια οἰκονομικά τῆς νήσου εὑρίσκονται εἰς οἰκτράν κατάστασιν.

ΛΕΥΚΩΣΙΑ, 12.— Ὁ ὑπουργός τῶν Οἰκονομικῶν τῆς Κύπρου ἐδήλωσεν ὅτι τά δημόσια οἰκονομικά τῆς νήσου εὑρίσκονται εἰς οἰκτράν κατάστασιν.

ΜΙΚΡΑΙ ΕΓΧΩΡΙΟΙ ΕΙΔΗΣΕΙΣ ΧΩΡΙΣ ΤΙΤΛΟΝ

Ὑπό τοῦ ὑπουργείου Γεωργίας διετέθη ποσόν διά τήν ἐκτέλεσιν ἐγγειοβελτιωτικῶν ἔργων εἰς τάς ἀγροτικάς περιοχάς. Ἀνεχώρησεν εἰς Λονδῖνον ἡ ἀντιπροσωπεία τοῦ Ε.Ο.Τ.

Ὑπό τοῦ ὑπουργείου Γεωργίας διετέθη ποσόν διά τήν ἐκτέλεσιν ἐγγειοβελτιωτικῶν ἔργων εἰς τάς ἀγροτικάς περιοχάς. Ἀνεχώρησεν εἰς Λονδῖνον ἡ ἀντιπροσωπεία τοῦ Ε.Ο.Τ.

Ὑπό τοῦ ὑπουργείου Γεωργίας διετέθη ποσόν διά τήν ἐκτέλεσιν ἐγγειοβελτιωτικῶν ἔργων εἰς τάς ἀγροτικάς περιοχάς. Ἀνεχώρησεν εἰς Λονδῖνον ἡ ἀντιπροσωπεία τοῦ Ε.Ο.Τ.

Ὑπό τοῦ ὑπουργείου Γεωργίας διετέθη ποσόν διά τήν ἐκτέλεσιν ἐγγειοβελτιωτικῶν ἔργων εἰς τάς ἀγροτικάς περιοχάς. Ἀνεχώρησεν εἰς Λονδῖνον ἡ ἀντιπροσωπεία τοῦ Ε.Ο.Τ.

Ὑπό τοῦ ὑπουργείου Γεωργίας διετέθη ποσόν διά τήν ἐκτέλεσιν ἐγγειοβελτιωτικῶν ἔργων εἰς τάς ἀγροτικάς περιοχάς. Ἀνεχώρησεν εἰς Λονδῖνον ἡ ἀντιπροσωπεία τοῦ Ε.Ο.Τ.

Ὑπό τοῦ ὑπουργείου Γεωργίας διετέθη ποσόν διά τήν ἐκτέλεσιν ἐγγειοβελτιωτικῶν ἔργων εἰς τάς ἀγροτικάς περιοχάς. Ἀνεχώρησεν εἰς Λονδῖνον ἡ ἀντιπροσωπεία τοῦ Ε.Ο.Τ.

Ὑπό τοῦ ὑπουργείου Γεωργίας διετέθη ποσόν διά τήν ἐκτέλεσιν ἐγγειοβελτιωτικῶν ἔργων εἰς τάς ἀγροτικάς περιοχάς. Ἀνεχώρησεν εἰς Λονδῖνον ἡ ἀντιπροσωπεία τοῦ Ε.Ο.Τ.

Ὑπό τοῦ ὑπουργείου Γεωργίας διετέθη ποσόν διά τήν ἐκτέλεσιν ἐγγειοβελτιωτικῶν ἔργων εἰς τάς ἀγροτικάς περιοχάς. Ἀνεχώρησεν εἰς Λονδῖνον ἡ ἀντιπροσωπεία τοῦ Ε.Ο.Τ.

ΣΥΝΤΟΜΟΙ ΕΡΓΑΤΙΚΑΙ ΕΙΔΗΣΕΙΣ

Ὁ σύνδεσμος βιομηχάνων ἐζήτησε τήν ἐπανεξέτασιν τῶν συλλογικῶν συμβάσεων. Αἱ ἐργατικαί ὀργανώσεις ἀπεφάσισαν νά συνέλθουν εἰς κοινήν σύσκεψιν.

Ὁ σύνδεσμος βιομηχάνων ἐζήτησε τήν ἐπανεξέτασιν τῶν συλλογικῶν συμβάσεων. Αἱ ἐργατικαί ὀργανώσεις ἀπεφάσισαν νά συνέλθουν εἰς κοινήν σύσκεψιν.

Ὁ σύνδεσμος βιομηχάνων ἐζήτησε τήν ἐπανεξέτασιν τῶν συλλογικῶν συμβάσεων. Αἱ ἐργατικαί ὀργανώσεις ἀπεφάσισαν νά συνέλθουν εἰς κοινήν σύσκεψιν.

Ὁ σύνδεσμος βιομηχάνων ἐζήτησε τήν ἐπανεξέτασιν τῶν συλλογικῶν συμβάσεων. Αἱ ἐργατικαί ὀργανώσεις ἀπεφάσισαν νά συνέλθουν εἰς κοινήν σύσκεψιν.

Ὁ σύνδεσμος βιομηχάνων ἐζήτησε τήν ἐπανεξέτασιν τῶν συλλογικῶν συμβάσεων. Αἱ ἐργατικαί ὀργανώσεις ἀπεφάσισαν νά συνέλθουν εἰς κοινήν σύσκεψιν.

Ὁ σύνδεσμος βιομηχάνων ἐζήτησε τήν ἐπανεξέτασιν τῶν συλλογικῶν συμβάσεων. Αἱ ἐργατικαί ὀργανώσεις ἀπεφάσισαν νά συνέλθουν εἰς κοινήν σύσκεψιν.

ΗΡΧΙΣΑΝ ΑΝΑΚΡΙΣΕΙΣ ΚΑΤΑ ΤΟΥ ΙΕΡΕΩΣ ΤΟΥ ΑΡΝΗΘΕΝΤΟΣ ΝΑ ΚΗΔΕΥΣΗ ΜΑΘΗΤΡΙΑΝ

ΑΘΗΝΑΙ, 12.— Ὁ ἀρχιεπίσκοπος Ἀθηνῶν διέταξε τήν διενέργειαν ἀνακρίσεων κατά τοῦ ἱερέως, ὁ ὁποῖος ἠρνήθη νά κηδεύσῃ μαθήτριαν.

ΑΘΗΝΑΙ, 12.— Ὁ ἀρχιεπίσκοπος Ἀθηνῶν διέταξε τήν διενέργειαν ἀνακρίσεων κατά τοῦ ἱερέως, ὁ ὁποῖος ἠρνήθη νά κηδεύσῃ μαθήτριαν.

ΑΘΗΝΑΙ, 12.— Ὁ ἀρχιεπίσκοπος Ἀθηνῶν διέταξε τήν διενέργειαν ἀνακρίσεων κατά τοῦ ἱερέως, ὁ ὁποῖος ἠρνήθη νά κηδεύσῃ μαθήτριαν.

ΟΚΤΑΜΗΝΟΣ ΦΥΛΑΚΙΣΙΣ ΕΙΣ ΤΟΚΟΓΛΥΦΟΝ ΔΑΝΕΙΖΟΝΤΑ ΧΡΗΜΑΤΑ ΜΕ 10% ΜΗΝΙΑΙΟΝ ΤΟΚΟΝ

Ἐνώπιον τοῦ τριμελοῦς ἐφετείου Θεσσαλονίκης ἐξεδικάσθη ἡ ὑπόθεσις τοῦ κατηγορουμένου διά τοκογλυφίαν, ὁ ὁποῖος κατεδικάσθη εἰς ὀκτάμηνον φυλάκισιν.

Ἐνώπιον τοῦ τριμελοῦς ἐφετείου Θεσσαλονίκης ἐξεδικάσθη ἡ ὑπόθεσις τοῦ κατηγορουμένου διά τοκογλυφίαν, ὁ ὁποῖος κατεδικάσθη εἰς ὀκτάμηνον φυλάκισιν.

Ἐνώπιον τοῦ τριμελοῦς ἐφετείου Θεσσαλονίκης ἐξεδικάσθη ἡ ὑπόθεσις τοῦ κατηγορουμένου διά τοκογλυφίαν, ὁ ὁποῖος κατεδικάσθη εἰς ὀκτάμηνον φυλάκισιν.

ΙΑΠΩΝΕΣ ΕΜΠΟΡΟΙ ΕΝΔΙΑΦΕΡΟΝΤΑΙ ΔΙΑ ΤΑ ΚΑΠΝΑ ΤΗΣ ΚΑΤΕΡΙΝΗΣ

ΚΑΤΕΡΙΝΗ, 12.— Ἀφίχθησαν εἰς τήν πόλιν Ἰάπωνες ἔμποροι οἱ ὁποῖοι ἐνδιαφέρονται διά τήν ἀγοράν καπνῶν τῆς περιοχῆς.

ΚΑΤΕΡΙΝΗ, 12.— Ἀφίχθησαν εἰς τήν πόλιν Ἰάπωνες ἔμποροι οἱ ὁποῖοι ἐνδιαφέρονται διά τήν ἀγοράν καπνῶν τῆς περιοχῆς.

ΑΥΞΑΝΕΤΑΙ ΣΥΝΕΧΩΣ Ο ΑΡΙΘΜΟΣ ΤΩΝ ΣΚΑΦΩΝ ΤΩΝ ΚΑΤΑΠΛΕΟΝΤΩΝ ΠΡΟΣ ΠΑΡΟΠΛΙΣΜΟΝ

ΑΘΗΝΑΙ, 12.— Ἐγνώσθη ὅτι ὁ ἀριθμός τῶν σκαφῶν, τά ὁποῖα καταπλέουν εἰς τούς ἑλληνικούς λιμένας πρός παροπλισμόν, αὐξάνεται συνεχῶς.

ΑΘΗΝΑΙ, 12.— Ἐγνώσθη ὅτι ὁ ἀριθμός τῶν σκαφῶν, τά ὁποῖα καταπλέουν εἰς τούς ἑλληνικούς λιμένας πρός παροπλισμόν, αὐξάνεται συνεχῶς.

Ο Κ. ΒΕΝΙΖΕΛΟΣ ΠΑΡΕΤΕΙΝΕ ΤΗΝ ΠΑΡΑΜΟΝΗΝ ΤΟΥ ΕΙΣ ΤΗΝ ΚΡΗΤΗΝ

ΑΘΗΝΑΙ, 12.— Ὁ κ. Σοφ. Βενιζέλος παρέτεινε τήν παραμονήν του εἰς Κρήτην καί θά ἐπανέλθῃ τήν προσεχῆ Δευτέραν.

ΟΙ ΓΕΩΠΟΝΟΙ ΚΑΤΕΡΧΟΝΤΑΙ ΤΗΝ ΔΕΥΤΕΡΑΝ ΕΙΣ 24ΩΡΟΝ ΑΠΕΡΓΙΑΝ

ΑΘΗΝΑΙ, 12.— Ἡ ὁμοσπονδία γεωπόνων ἀπεφάσισε τήν κήρυξιν εἰκοσιτετραώρου ἀπεργίας τήν προσεχῆ Δευτέραν.

ΑΘΗΝΑΙ, 12.— Ἡ ὁμοσπονδία γεωπόνων ἀπεφάσισε τήν κήρυξιν εἰκοσιτετραώρου ἀπεργίας τήν προσεχῆ Δευτέραν.

Η ΣΥΝΟΔΟΣ ΘΑ ΔΕΧΘΗ ΚΑΤΑΡΤΙΣΜΟΝ ΕΠΙΤΡΟΠΗΣ ΛΑΙΚΩΝ ΚΑΙ ΚΛΗΡΙΚΩΝ

ΑΘΗΝΑΙ, 12.— Ἡ Ἱερά Σύνοδος θά ἀποδεχθῇ τόν καταρτισμόν ἐπιτροπῆς ἐκ λαϊκῶν καί κληρικῶν.

ΑΘΗΝΑΙ, 12.— Ἡ Ἱερά Σύνοδος θά ἀποδεχθῇ τόν καταρτισμόν ἐπιτροπῆς ἐκ λαϊκῶν καί κληρικῶν.

ΠΑΡΕΠΕΜΦΘΗ ΔΙΟΤΙ ΕΔΗΜΙΟΥΡΓΗΣΕΝ ΕΠΕΙΣΟΔΙΟΝ

Ὑπό τοῦ Ν. Ποντικοῦ παρεπέμφθη εἰς τόν εἰσαγγελέα διότι ἐδημιούργησεν ἐπεισόδιον.

Ὑπό τοῦ Ν. Ποντικοῦ παρεπέμφθη εἰς τόν εἰσαγγελέα διότι ἐδημιούργησεν ἐπεισόδιον.

ΑΝΕΧΩΡΗΣΕΝ ΕΠ᾿ ΑΔΕΙΑ Ο ΔΙΕΥΘΥΝΤΗΣ ΑΣΤΥΝΟΜΙΑΣ

Ἀνεχώρησε ἐπ᾿ ἀδείᾳ ὁ διευθυντής ἀστυνομίας Θεσσαλονίκης.

ΕΡΥΘΡΟΗ ΕΙΣ ΛΙΜΝΗΝ

ΙΩΑΝΝΙΝΑ, 12.— Ἀνεσύρθη τό πτῶμα νεαροῦ ἐκ τῆς λίμνης.

ΙΩΑΝΝΙΝΑ, 12.— Ἀνεσύρθη τό πτῶμα νεαροῦ ἐκ τῆς λίμνης.

ΚΑΙ ΑΛΛΑΙ ΑΠΑΓΟΡΕΥΣΕΙΣ

ΑΘΗΝΑΙ, 12.— Κατόπιν ἀποφάσεως ἀπαγορεύεται ἡ κυκλοφορία.

ΑΘΗΝΑΙ, 12.— Κατόπιν ἀποφάσεως ἀπαγορεύεται ἡ κυκλοφορία.

ΕΤΡΑΥΜΑΤΙΣΘΗΣΑΝ ΕΛΑΦΡΩΣ

ΑΘΗΝΑΙ, 12.— Ἐτραυματίσθησαν ἐλαφρῶς δύο πρόσωπα.

ΑΘΗΝΑΙ, 12.— Ἐτραυματίσθησαν ἐλαφρῶς δύο πρόσωπα.

ΠΡΟΣΩΡΙΝΗ ΔΙΑΚΟΠΗ ΗΛΕΚΤΡΙΚΟΥ ΡΕΥΜΑΤΟΣ ΔΙΑ ΤΕΧΝΙΚΟΥΣ ΛΟΓΟΥΣ ΕΙΣ ΒΕΡΟΙΑΝ

Φέρεται εἰς γνῶσιν τοῦ ἐνδιαφερομένου κοινοῦ ὅτι θά διακοπῇ ἡ παροχή ἠλεκτρικοῦ ρεύματος.

Φέρεται εἰς γνῶσιν τοῦ ἐνδιαφερομένου κοινοῦ ὅτι θά διακοπῇ ἡ παροχή ἠλεκτρικοῦ ρεύματος.

Φέρεται εἰς γνῶσιν τοῦ ἐνδιαφερομένου κοινοῦ ὅτι θά διακοπῇ ἡ παροχή ἠλεκτρικοῦ ρεύματος.

Φέρεται εἰς γνῶσιν τοῦ ἐνδιαφερομένου κοινοῦ ὅτι θά διακοπῇ ἡ παροχή ἠλεκτρικοῦ ρεύματος.

Ἐκ τῆς ΔΕΗ
ΣΥΣΚΕΨΙΣ ΤΩΝ ΝΟΜΑΡΧΩΝ ΤΗΣ Β. ΕΛΛΑΔΟΣ ΗΡΧΙΣΕ & ΣΥΝΕΧΙΖΕΙ ΤΑΣ ΕΡΓΑΣΙΑΣ ΤΗΣ
ΕΞΕΤΑΖΕΙ ΓΕΝΙΚΑ ΚΑΙ ΙΔΙΑ ΘΕΜΑΤΑ ΟΛΩΝ ΤΩΝ ΠΕΡΙΟΧΩΝ ΤΗΣ ΒΟΡΕΙΟΥ ΕΛΛΑΔΟΣ
Οἱ νομάρχαι Μακεδονίας — Θράκης, κατά τήν σύσκεψιν των, μετά τοῦ ὑπουργοῦ Βορείου Ἑλλάδος κ. Μανέντη καί τοῦ γενικοῦ γραμματέως τοῦ ὑπουργείου κ. Κολέζα.

Εἰς τό ὑπουργεῖον Βορείου Ἑλλάδος ἤρχισε χθές ἡ σύσκεψις τῶν νομαρχῶν τῆς Βορείου Ἑλλάδος ὑπό τήν προεδρίαν τοῦ ὑπουργοῦ κ. Μανέντη.

Εἰς τό ὑπουργεῖον Βορείου Ἑλλάδος ἤρχισε χθές ἡ σύσκεψις τῶν νομαρχῶν τῆς Βορείου Ἑλλάδος ὑπό τήν προεδρίαν τοῦ ὑπουργοῦ κ. Μανέντη.

Εἰς τό ὑπουργεῖον Βορείου Ἑλλάδος ἤρχισε χθές ἡ σύσκεψις τῶν νομαρχῶν τῆς Βορείου Ἑλλάδος ὑπό τήν προεδρίαν τοῦ ὑπουργοῦ κ. Μανέντη.

Εἰς τό ὑπουργεῖον Βορείου Ἑλλάδος ἤρχισε χθές ἡ σύσκεψις τῶν νομαρχῶν τῆς Βορείου Ἑλλάδος ὑπό τήν προεδρίαν τοῦ ὑπουργοῦ κ. Μανέντη.

Εἰς τό ὑπουργεῖον Βορείου Ἑλλάδος ἤρχισε χθές ἡ σύσκεψις τῶν νομαρχῶν τῆς Βορείου Ἑλλάδος ὑπό τήν προεδρίαν τοῦ ὑπουργοῦ κ. Μανέντη.

Ο ΛΟΓΟΣ ΤΟΥ κ. ΜΑΝΕΝΤΗ

Ἀρχομένης τῆς συσκέψεως ὡμίλησεν ὁ ὑπουργός Βορείου Ἑλλάδος, ὁ ὁποῖος ἀνεφέρθη εἰς τά προβλήματα τῆς περιοχῆς.

Ἀρχομένης τῆς συσκέψεως ὡμίλησεν ὁ ὑπουργός Βορείου Ἑλλάδος, ὁ ὁποῖος ἀνεφέρθη εἰς τά προβλήματα τῆς περιοχῆς.

Ἀρχομένης τῆς συσκέψεως ὡμίλησεν ὁ ὑπουργός Βορείου Ἑλλάδος, ὁ ὁποῖος ἀνεφέρθη εἰς τά προβλήματα τῆς περιοχῆς.

Ἀρχομένης τῆς συσκέψεως ὡμίλησεν ὁ ὑπουργός Βορείου Ἑλλάδος, ὁ ὁποῖος ἀνεφέρθη εἰς τά προβλήματα τῆς περιοχῆς.

ΦΛΩΡΙΝΗΣ — ΣΕΡΡΩΝ

Μετ᾿ αὐτόν ὡμίλησαν οἱ νομάρχαι Φλωρίνης καί Σερρῶν.

Μετ᾿ αὐτόν ὡμίλησαν οἱ νομάρχαι Φλωρίνης καί Σερρῶν.

Μετ᾿ αὐτόν ὡμίλησαν οἱ νομάρχαι Φλωρίνης καί Σερρῶν.

ΤΑ ΕΙΔΙΚΑ ΖΗΤΗΜΑΤΑ

Τά ἰδιαίτερα ζητήματα ἑκάστου νομοῦ θά ἐξετασθοῦν σήμερον.

Τά ἰδιαίτερα ζητήματα ἑκάστου νομοῦ θά ἐξετασθοῦν σήμερον.

ΝΕΑ ΤΗΛΕΦΩΝΙΚΑ ΚΥΚΛΩΜΑΤΑ ΔΙΕΥΚΟΛΥΝΟΥΝ ΤΑΣ ΤΗΛΕΠΙΚΟΙΝΩΝΙΑΣ ΕΙΣ ΤΗΝ ΒΟΡ. ΕΛΛΑΔΑ

Ὑπό τοῦ Ο.Τ.Ε. ἐγκαθίστανται νέα τηλεφωνικά κυκλώματα εἰς τήν Βόρειον Ἑλλάδα.

Ὑπό τοῦ Ο.Τ.Ε. ἐγκαθίστανται νέα τηλεφωνικά κυκλώματα εἰς τήν Βόρειον Ἑλλάδα.

Ὑπό τοῦ Ο.Τ.Ε. ἐγκαθίστανται νέα τηλεφωνικά κυκλώματα εἰς τήν Βόρειον Ἑλλάδα.

Ὑπό τοῦ Ο.Τ.Ε. ἐγκαθίστανται νέα τηλεφωνικά κυκλώματα εἰς τήν Βόρειον Ἑλλάδα.

Ὑπό τοῦ Ο.Τ.Ε. ἐγκαθίστανται νέα τηλεφωνικά κυκλώματα εἰς τήν Βόρειον Ἑλλάδα.

Ὑπό τοῦ Ο.Τ.Ε. ἐγκαθίστανται νέα τηλεφωνικά κυκλώματα εἰς τήν Βόρειον Ἑλλάδα.

ΕΙΚΟΣΙΝ ΥΠΟΤΡΟΦΙΑΙ ΧΟΡΗΓΟΥΝΤΑΙ ΥΠΟ ΤΟΥ Ι.Κ.Υ. ΕΙΣ ΝΕΟΥΣ ΣΠΟΥΔΑΣΤΑΣ ΤΗΣ ΦΥΣΙΚΟΜΑΘΗΜΑΤΙΚΗΣ

ΑΘΗΝΑΙ, 12.— Τό Ἵδρυμα Κρατικῶν Ὑποτροφιῶν προκηρύσσει διαγωνισμόν διά τήν χορήγησιν εἴκοσιν ὑποτροφιῶν.

ΑΘΗΝΑΙ, 12.— Τό Ἵδρυμα Κρατικῶν Ὑποτροφιῶν προκηρύσσει διαγωνισμόν διά τήν χορήγησιν εἴκοσιν ὑποτροφιῶν.

ΑΘΗΝΑΙ, 12.— Τό Ἵδρυμα Κρατικῶν Ὑποτροφιῶν προκηρύσσει διαγωνισμόν διά τήν χορήγησιν εἴκοσιν ὑποτροφιῶν.

ΑΘΗΝΑΙ, 12.— Τό Ἵδρυμα Κρατικῶν Ὑποτροφιῶν προκηρύσσει διαγωνισμόν διά τήν χορήγησιν εἴκοσιν ὑποτροφιῶν.

ΑΘΗΝΑΙ, 12.— Τό Ἵδρυμα Κρατικῶν Ὑποτροφιῶν προκηρύσσει διαγωνισμόν διά τήν χορήγησιν εἴκοσιν ὑποτροφιῶν.

ΑΘΗΝΑΙ, 12.— Τό Ἵδρυμα Κρατικῶν Ὑποτροφιῶν προκηρύσσει διαγωνισμόν διά τήν χορήγησιν εἴκοσιν ὑποτροφιῶν.

ΑΘΗΝΑΙ, 12.— Τό Ἵδρυμα Κρατικῶν Ὑποτροφιῶν προκηρύσσει διαγωνισμόν διά τήν χορήγησιν εἴκοσιν ὑποτροφιῶν.

ΚΑΤΗΛΘΟΝ ΕΙΣ ΕΙΚΟΣΙΤΕΤΡΑΩΡΟΝ ΑΠΕΡΓΙΑΝ ΟΙ ΚΕΡΑΜΟΠΟΙΟΙ ΤΗΣ ΠΕΡΙΟΧΗΣ ΘΕΣ/ΝΙΚΗΣ

Εἰς εἰκοσιτετράωρον ἀπεργίαν κατῆλθον χθές οἱ κεραμοποιοί τῆς περιοχῆς Θεσσαλονίκης.

Εἰς εἰκοσιτετράωρον ἀπεργίαν κατῆλθον χθές οἱ κεραμοποιοί τῆς περιοχῆς Θεσσαλονίκης.

Εἰς εἰκοσιτετράωρον ἀπεργίαν κατῆλθον χθές οἱ κεραμοποιοί τῆς περιοχῆς Θεσσαλονίκης.

Εἰς εἰκοσιτετράωρον ἀπεργίαν κατῆλθον χθές οἱ κεραμοποιοί τῆς περιοχῆς Θεσσαλονίκης.

Εἰς εἰκοσιτετράωρον ἀπεργίαν κατῆλθον χθές οἱ κεραμοποιοί τῆς περιοχῆς Θεσσαλονίκης.

ΟΙ ΑΓΩΝΕΣ ΣΤΙΒΟΥ ΕΛΛΑΔΟΣ – ΟΥΓΓΑΡΙΑΣ ΘΑ ΤΕΛΕΣΘΟΥΝ ΤΗΝ 25ΗΝ ΚΑΙ 26ΗΝ ΙΟΥΛΙΟΥ

ΣΥΝΕΧΕΙΑ ΕΚ ΤΗΣ 6ης ΣΕΛΙΔΟΣ. Οἱ ἀγῶνες στίβου μεταξύ τῶν ἐθνικῶν ὁμάδων Ἑλλάδος καί Οὐγγαρίας θά διεξαχθοῦν εἰς τό Καυτανζόγλειον στάδιον.

ΣΥΝΕΧΕΙΑ ΕΚ ΤΗΣ 6ης ΣΕΛΙΔΟΣ. Οἱ ἀγῶνες στίβου μεταξύ τῶν ἐθνικῶν ὁμάδων Ἑλλάδος καί Οὐγγαρίας θά διεξαχθοῦν εἰς τό Καυτανζόγλειον στάδιον.

ΣΥΝΕΧΕΙΑ ΕΚ ΤΗΣ 6ης ΣΕΛΙΔΟΣ. Οἱ ἀγῶνες στίβου μεταξύ τῶν ἐθνικῶν ὁμάδων Ἑλλάδος καί Οὐγγαρίας θά διεξαχθοῦν εἰς τό Καυτανζόγλειον στάδιον.

ΣΥΝΕΧΕΙΑ ΕΚ ΤΗΣ 6ης ΣΕΛΙΔΟΣ. Οἱ ἀγῶνες στίβου μεταξύ τῶν ἐθνικῶν ὁμάδων Ἑλλάδος καί Οὐγγαρίας θά διεξαχθοῦν εἰς τό Καυτανζόγλειον στάδιον.

ΣΥΝΕΧΕΙΑ ΕΚ ΤΗΣ 6ης ΣΕΛΙΔΟΣ. Οἱ ἀγῶνες στίβου μεταξύ τῶν ἐθνικῶν ὁμάδων Ἑλλάδος καί Οὐγγαρίας θά διεξαχθοῦν εἰς τό Καυτανζόγλειον στάδιον.

ΣΥΝΕΧΕΙΑ ΕΚ ΤΗΣ 6ης ΣΕΛΙΔΟΣ. Οἱ ἀγῶνες στίβου μεταξύ τῶν ἐθνικῶν ὁμάδων Ἑλλάδος καί Οὐγγαρίας θά διεξαχθοῦν εἰς τό Καυτανζόγλειον στάδιον.
